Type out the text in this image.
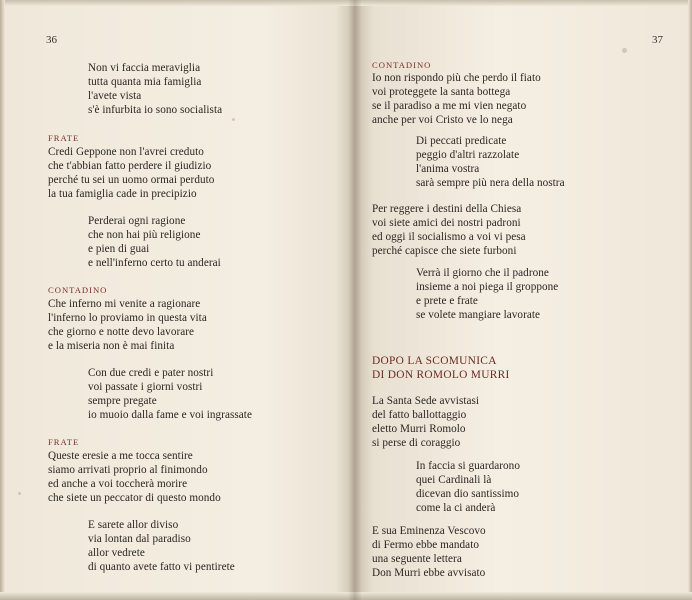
36
Non vi faccia meraviglia
tutta quanta mia famiglia
l'avete vista
s'è infurbita io sono socialista
FRATE
Credi Geppone non l'avrei creduto
che t'abbian fatto perdere il giudizio
perché tu sei un uomo ormai perduto
la tua famiglia cade in precipizio
Perderai ogni ragione
che non hai più religione
e pien di guai
e nell'inferno certo tu anderai
CONTADINO
Che inferno mi venite a ragionare
l'inferno lo proviamo in questa vita
che giorno e notte devo lavorare
e la miseria non è mai finita
Con due credi e pater nostri
voi passate i giorni vostri
sempre pregate
io muoio dalla fame e voi ingrassate
FRATE
Queste eresie a me tocca sentire
siamo arrivati proprio al finimondo
ed anche a voi toccherà morire
che siete un peccator di questo mondo
E sarete allor diviso
via lontan dal paradiso
allor vedrete
di quanto avete fatto vi pentirete
37
CONTADINO
Io non rispondo più che perdo il fiato
voi proteggete la santa bottega
se il paradiso a me mi vien negato
anche per voi Cristo ve lo nega
Di peccati predicate
peggio d'altri razzolate
l'anima vostra
sarà sempre più nera della nostra
Per reggere i destini della Chiesa
voi siete amici dei nostri padroni
ed oggi il socialismo a voi vi pesa
perché capisce che siete furboni
Verrà il giorno che il padrone
insieme a noi piega il groppone
e prete e frate
se volete mangiare lavorate
DOPO LA SCOMUNICA
DI DON ROMOLO MURRI
La Santa Sede avvistasi
del fatto ballottaggio
eletto Murri Romolo
si perse di coraggio
In faccia si guardarono
quei Cardinali là
dicevan dio santissimo
come la ci anderà
E sua Eminenza Vescovo
di Fermo ebbe mandato
una seguente lettera
Don Murri ebbe avvisato
